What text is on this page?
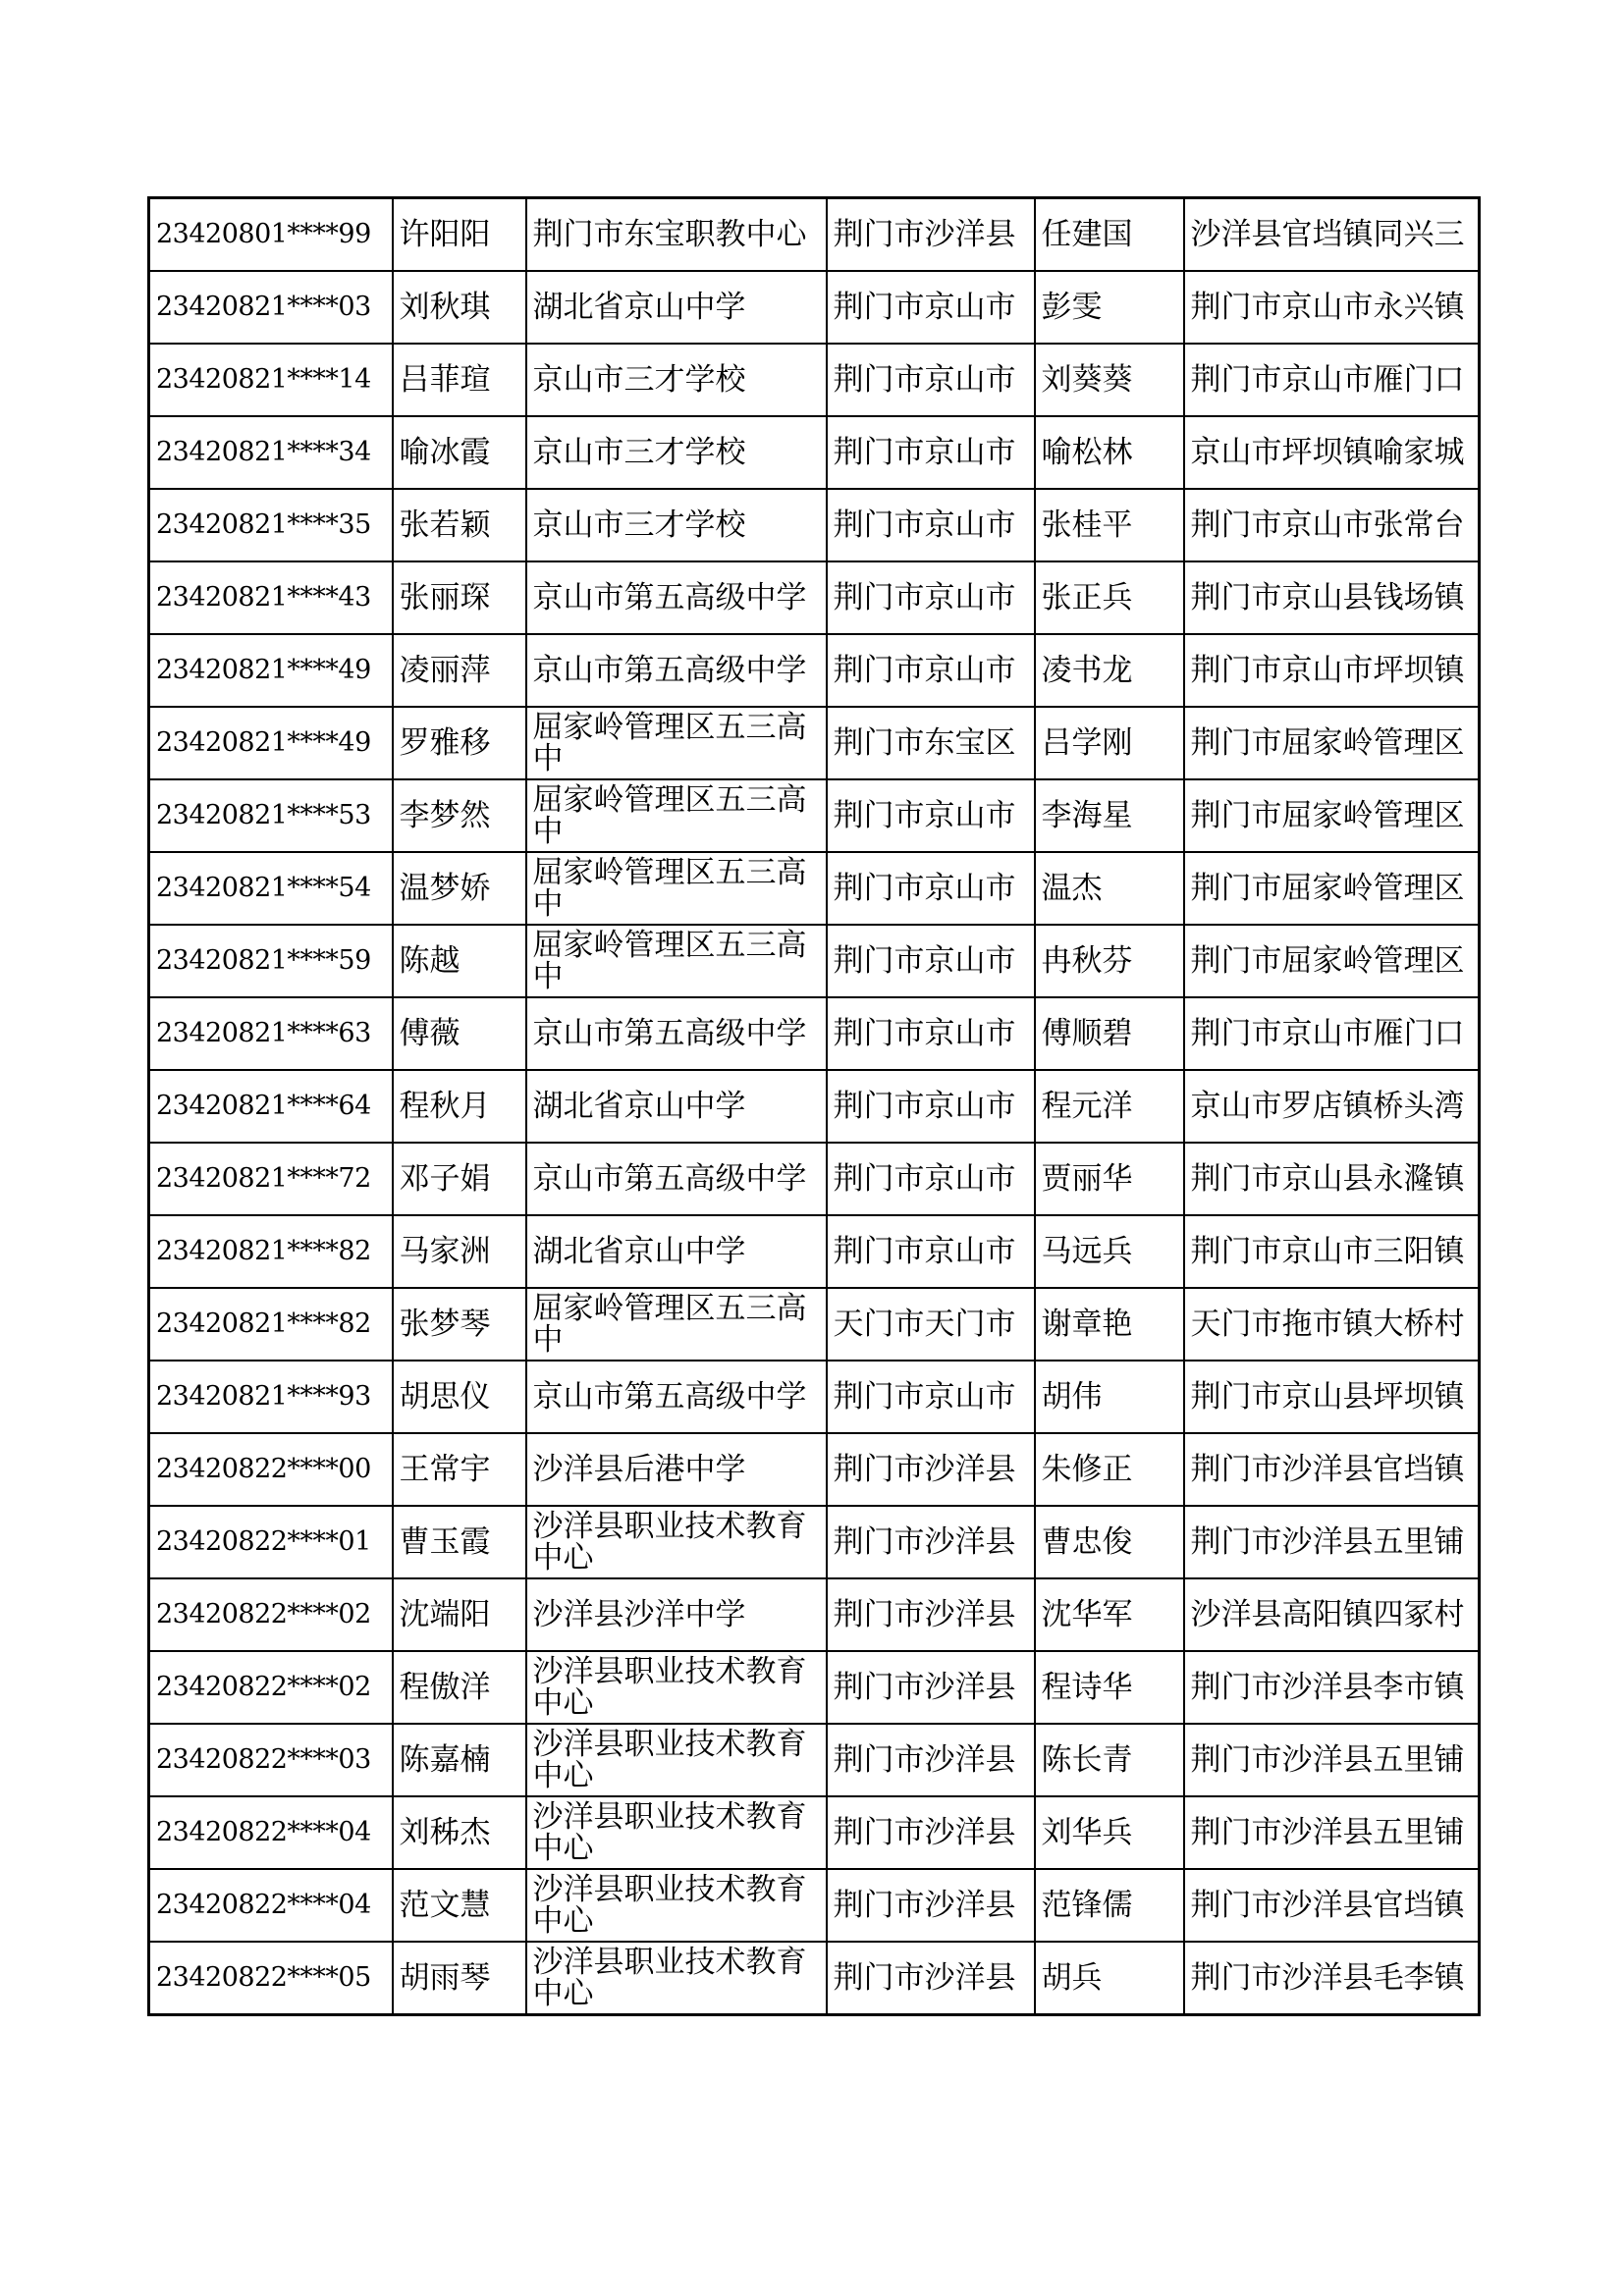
23420801****99	许阳阳	荆门市东宝职教中心	荆门市沙洋县	任建国	沙洋县官垱镇同兴三
23420821****03	刘秋琪	湖北省京山中学	荆门市京山市	彭雯	荆门市京山市永兴镇
23420821****14	吕菲瑄	京山市三才学校	荆门市京山市	刘葵葵	荆门市京山市雁门口
23420821****34	喻冰霞	京山市三才学校	荆门市京山市	喻松林	京山市坪坝镇喻家城
23420821****35	张若颖	京山市三才学校	荆门市京山市	张桂平	荆门市京山市张常台
23420821****43	张丽琛	京山市第五高级中学	荆门市京山市	张正兵	荆门市京山县钱场镇
23420821****49	凌丽萍	京山市第五高级中学	荆门市京山市	凌书龙	荆门市京山市坪坝镇
23420821****49	罗雅移	屈家岭管理区五三高中	荆门市东宝区	吕学刚	荆门市屈家岭管理区
23420821****53	李梦然	屈家岭管理区五三高中	荆门市京山市	李海星	荆门市屈家岭管理区
23420821****54	温梦娇	屈家岭管理区五三高中	荆门市京山市	温杰	荆门市屈家岭管理区
23420821****59	陈越	屈家岭管理区五三高中	荆门市京山市	冉秋芬	荆门市屈家岭管理区
23420821****63	傅薇	京山市第五高级中学	荆门市京山市	傅顺碧	荆门市京山市雁门口
23420821****64	程秋月	湖北省京山中学	荆门市京山市	程元洋	京山市罗店镇桥头湾
23420821****72	邓子娟	京山市第五高级中学	荆门市京山市	贾丽华	荆门市京山县永漋镇
23420821****82	马家洲	湖北省京山中学	荆门市京山市	马远兵	荆门市京山市三阳镇
23420821****82	张梦琴	屈家岭管理区五三高中	天门市天门市	谢章艳	天门市拖市镇大桥村
23420821****93	胡思仪	京山市第五高级中学	荆门市京山市	胡伟	荆门市京山县坪坝镇
23420822****00	王常宇	沙洋县后港中学	荆门市沙洋县	朱修正	荆门市沙洋县官垱镇
23420822****01	曹玉霞	沙洋县职业技术教育中心	荆门市沙洋县	曹忠俊	荆门市沙洋县五里铺
23420822****02	沈端阳	沙洋县沙洋中学	荆门市沙洋县	沈华军	沙洋县高阳镇四冢村
23420822****02	程傲洋	沙洋县职业技术教育中心	荆门市沙洋县	程诗华	荆门市沙洋县李市镇
23420822****03	陈嘉楠	沙洋县职业技术教育中心	荆门市沙洋县	陈长青	荆门市沙洋县五里铺
23420822****04	刘秭杰	沙洋县职业技术教育中心	荆门市沙洋县	刘华兵	荆门市沙洋县五里铺
23420822****04	范文慧	沙洋县职业技术教育中心	荆门市沙洋县	范锋儒	荆门市沙洋县官垱镇
23420822****05	胡雨琴	沙洋县职业技术教育中心	荆门市沙洋县	胡兵	荆门市沙洋县毛李镇
